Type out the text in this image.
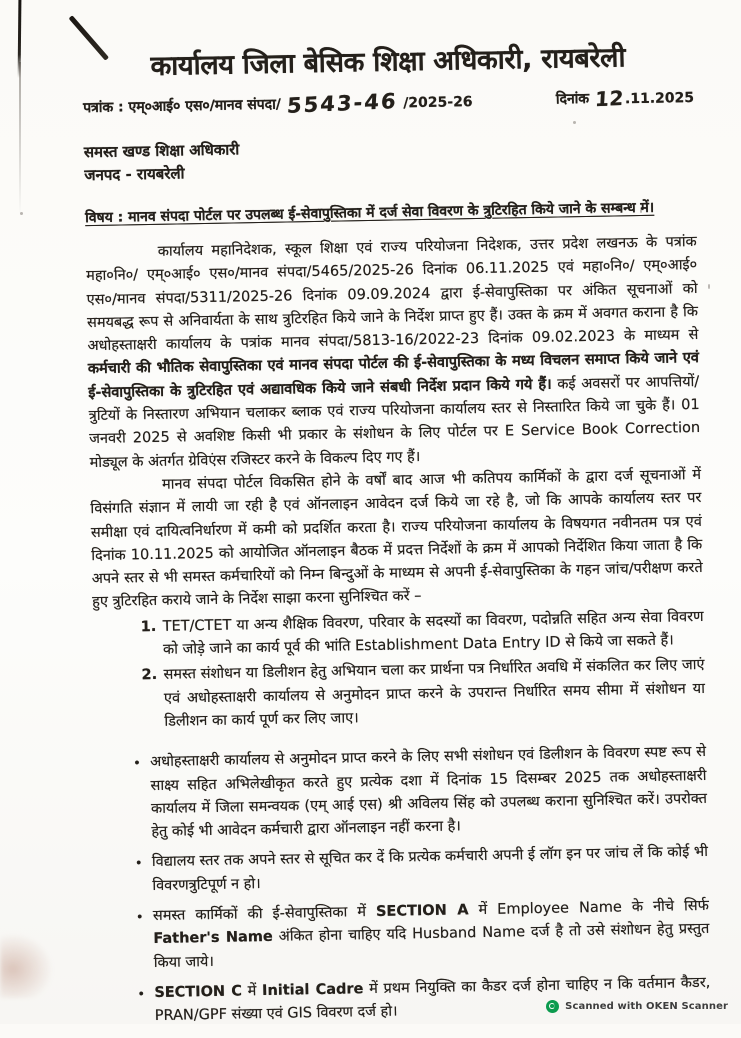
कार्यालय जिला बेसिक शिक्षा अधिकारी, रायबरेली
पत्रांक : एम्०आई० एस०/मानव संपदा/ 5543-46 /2025-26	दिनांक 12 .11.2025
समस्त खण्ड शिक्षा अधिकारी
जनपद - रायबरेली
विषय : मानव संपदा पोर्टल पर उपलब्ध ई-सेवापुस्तिका में दर्ज सेवा विवरण के त्रुटिरहित किये जाने के सम्बन्ध में।

कार्यालय महानिदेशक, स्कूल शिक्षा एवं राज्य परियोजना निदेशक, उत्तर प्रदेश लखनऊ के पत्रांक महा०नि०/ एम्०आई० एस०/मानव संपदा/5465/2025-26 दिनांक 06.11.2025 एवं महा०नि०/ एम्०आई० एस०/मानव संपदा/5311/2025-26 दिनांक 09.09.2024 द्वारा ई-सेवापुस्तिका पर अंकित सूचनाओं को समयबद्ध रूप से अनिवार्यता के साथ त्रुटिरहित किये जाने के निर्देश प्राप्त हुए हैं। उक्त के क्रम में अवगत कराना है कि अधोहस्ताक्षरी कार्यालय के पत्रांक मानव संपदा/5813-16/2022-23 दिनांक 09.02.2023 के माध्यम से कर्मचारी की भौतिक सेवापुस्तिका एवं मानव संपदा पोर्टल की ई-सेवापुस्तिका के मध्य विचलन समाप्त किये जाने एवं ई-सेवापुस्तिका के त्रुटिरहित एवं अद्यावधिक किये जाने संबधी निर्देश प्रदान किये गये हैं। कई अवसरों पर आपत्तियों/त्रुटियों के निस्तारण अभियान चलाकर ब्लाक एवं राज्य परियोजना कार्यालय स्तर से निस्तारित किये जा चुके हैं। 01 जनवरी 2025 से अवशिष्ट किसी भी प्रकार के संशोधन के लिए पोर्टल पर E Service Book Correction मोड्यूल के अंतर्गत ग्रेविएंस रजिस्टर करने के विकल्प दिए गए हैं।

मानव संपदा पोर्टल विकसित होने के वर्षों बाद आज भी कतिपय कार्मिकों के द्वारा दर्ज सूचनाओं में विसंगति संज्ञान में लायी जा रही है एवं ऑनलाइन आवेदन दर्ज किये जा रहे है, जो कि आपके कार्यालय स्तर पर समीक्षा एवं दायित्वनिर्धारण में कमी को प्रदर्शित करता है। राज्य परियोजना कार्यालय के विषयगत नवीनतम पत्र एवं दिनांक 10.11.2025 को आयोजित ऑनलाइन बैठक में प्रदत्त निर्देशों के क्रम में आपको निर्देशित किया जाता है कि अपने स्तर से भी समस्त कर्मचारियों को निम्न बिन्दुओं के माध्यम से अपनी ई-सेवापुस्तिका के गहन जांच/परीक्षण करते हुए त्रुटिरहित कराये जाने के निर्देश साझा करना सुनिश्चित करें –

1. TET/CTET या अन्य शैक्षिक विवरण, परिवार के सदस्यों का विवरण, पदोन्नति सहित अन्य सेवा विवरण को जोड़े जाने का कार्य पूर्व की भांति Establishment Data Entry ID से किये जा सकते हैं।
2. समस्त संशोधन या डिलीशन हेतु अभियान चला कर प्रार्थना पत्र निर्धारित अवधि में संकलित कर लिए जाएं एवं अधोहस्ताक्षरी कार्यालय से अनुमोदन प्राप्त करने के उपरान्त निर्धारित समय सीमा में संशोधन या डिलीशन का कार्य पूर्ण कर लिए जाए।
• अधोहस्ताक्षरी कार्यालय से अनुमोदन प्राप्त करने के लिए सभी संशोधन एवं डिलीशन के विवरण स्पष्ट रूप से साक्ष्य सहित अभिलेखीकृत करते हुए प्रत्येक दशा में दिनांक 15 दिसम्बर 2025 तक अधोहस्ताक्षरी कार्यालय में जिला समन्वयक (एम् आई एस) श्री अविलय सिंह को उपलब्ध कराना सुनिश्चित करें। उपरोक्त हेतु कोई भी आवेदन कर्मचारी द्वारा ऑनलाइन नहीं करना है।
• विद्यालय स्तर तक अपने स्तर से सूचित कर दें कि प्रत्येक कर्मचारी अपनी ई लॉग इन पर जांच लें कि कोई भी विवरणत्रुटिपूर्ण न हो।
• समस्त कार्मिकों की ई-सेवापुस्तिका में SECTION A में Employee Name के नीचे सिर्फ Father's Name अंकित होना चाहिए यदि Husband Name दर्ज है तो उसे संशोधन हेतु प्रस्तुत किया जाये।
• SECTION C में Initial Cadre में प्रथम नियुक्ति का कैडर दर्ज होना चाहिए न कि वर्तमान कैडर, PRAN/GPF संख्या एवं GIS विवरण दर्ज हो।	Scanned with OKEN Scanner
